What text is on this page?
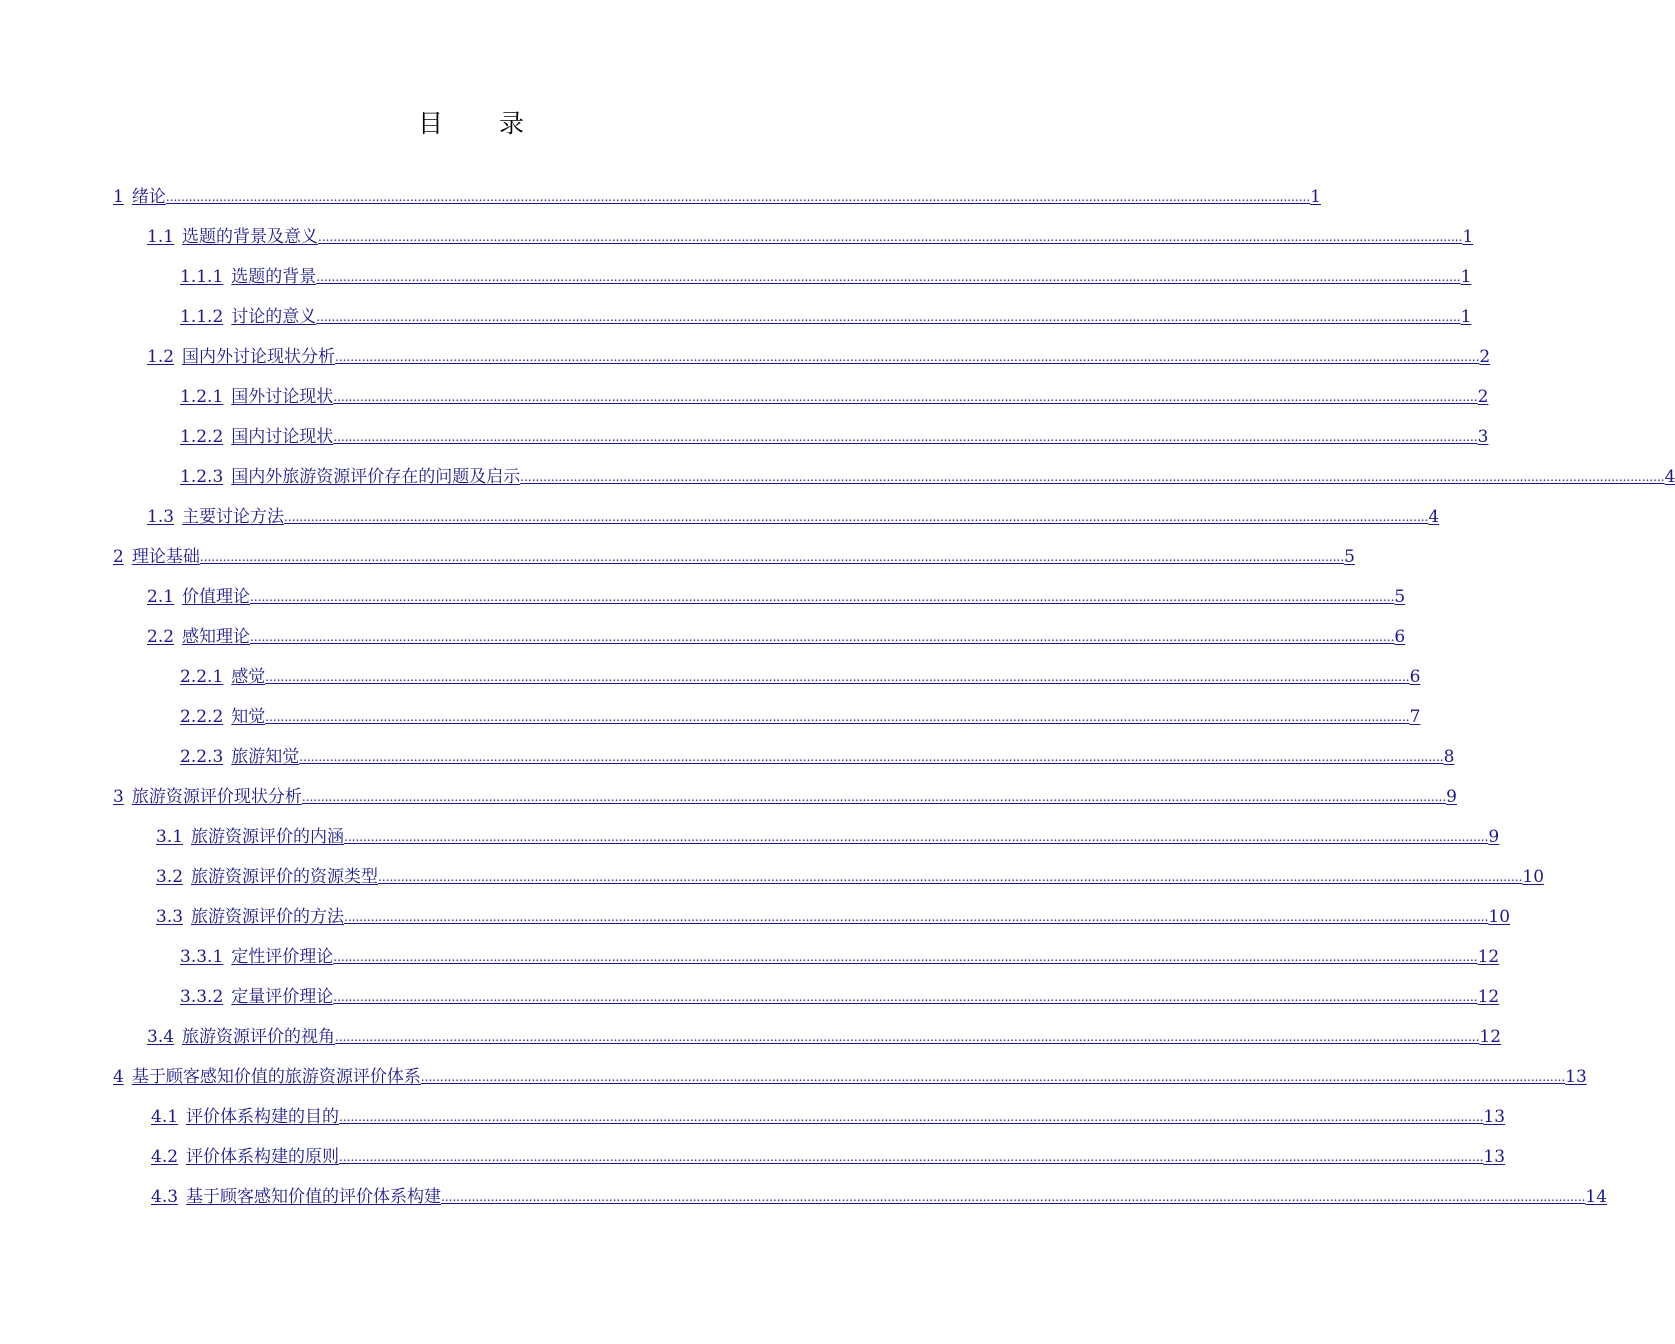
目 录
1 绪论 ............................................................................................................................................................................................................................................................................................................ 1
1.1 选题的背景及意义 ............................................................................................................................................................................................................................................................................................................ 1
1.1.1 选题的背景 ............................................................................................................................................................................................................................................................................................................ 1
1.1.2 讨论的意义 ............................................................................................................................................................................................................................................................................................................ 1
1.2 国内外讨论现状分析 ............................................................................................................................................................................................................................................................................................................ 2
1.2.1 国外讨论现状 ............................................................................................................................................................................................................................................................................................................ 2
1.2.2 国内讨论现状 ............................................................................................................................................................................................................................................................................................................ 3
1.2.3 国内外旅游资源评价存在的问题及启示 ............................................................................................................................................................................................................................................................................................................ 4
1.3 主要讨论方法 ............................................................................................................................................................................................................................................................................................................ 4
2 理论基础 ............................................................................................................................................................................................................................................................................................................ 5
2.1 价值理论 ............................................................................................................................................................................................................................................................................................................ 5
2.2 感知理论 ............................................................................................................................................................................................................................................................................................................ 6
2.2.1 感觉 ............................................................................................................................................................................................................................................................................................................ 6
2.2.2 知觉 ............................................................................................................................................................................................................................................................................................................ 7
2.2.3 旅游知觉 ............................................................................................................................................................................................................................................................................................................ 8
3 旅游资源评价现状分析 ............................................................................................................................................................................................................................................................................................................ 9
3.1 旅游资源评价的内涵 ............................................................................................................................................................................................................................................................................................................ 9
3.2 旅游资源评价的资源类型 ............................................................................................................................................................................................................................................................................................................ 10
3.3 旅游资源评价的方法 ............................................................................................................................................................................................................................................................................................................ 10
3.3.1 定性评价理论 ............................................................................................................................................................................................................................................................................................................ 12
3.3.2 定量评价理论 ............................................................................................................................................................................................................................................................................................................ 12
3.4 旅游资源评价的视角 ............................................................................................................................................................................................................................................................................................................ 12
4 基于顾客感知价值的旅游资源评价体系 ............................................................................................................................................................................................................................................................................................................ 13
4.1 评价体系构建的目的 ............................................................................................................................................................................................................................................................................................................ 13
4.2 评价体系构建的原则 ............................................................................................................................................................................................................................................................................................................ 13
4.3 基于顾客感知价值的评价体系构建 ............................................................................................................................................................................................................................................................................................................ 14
